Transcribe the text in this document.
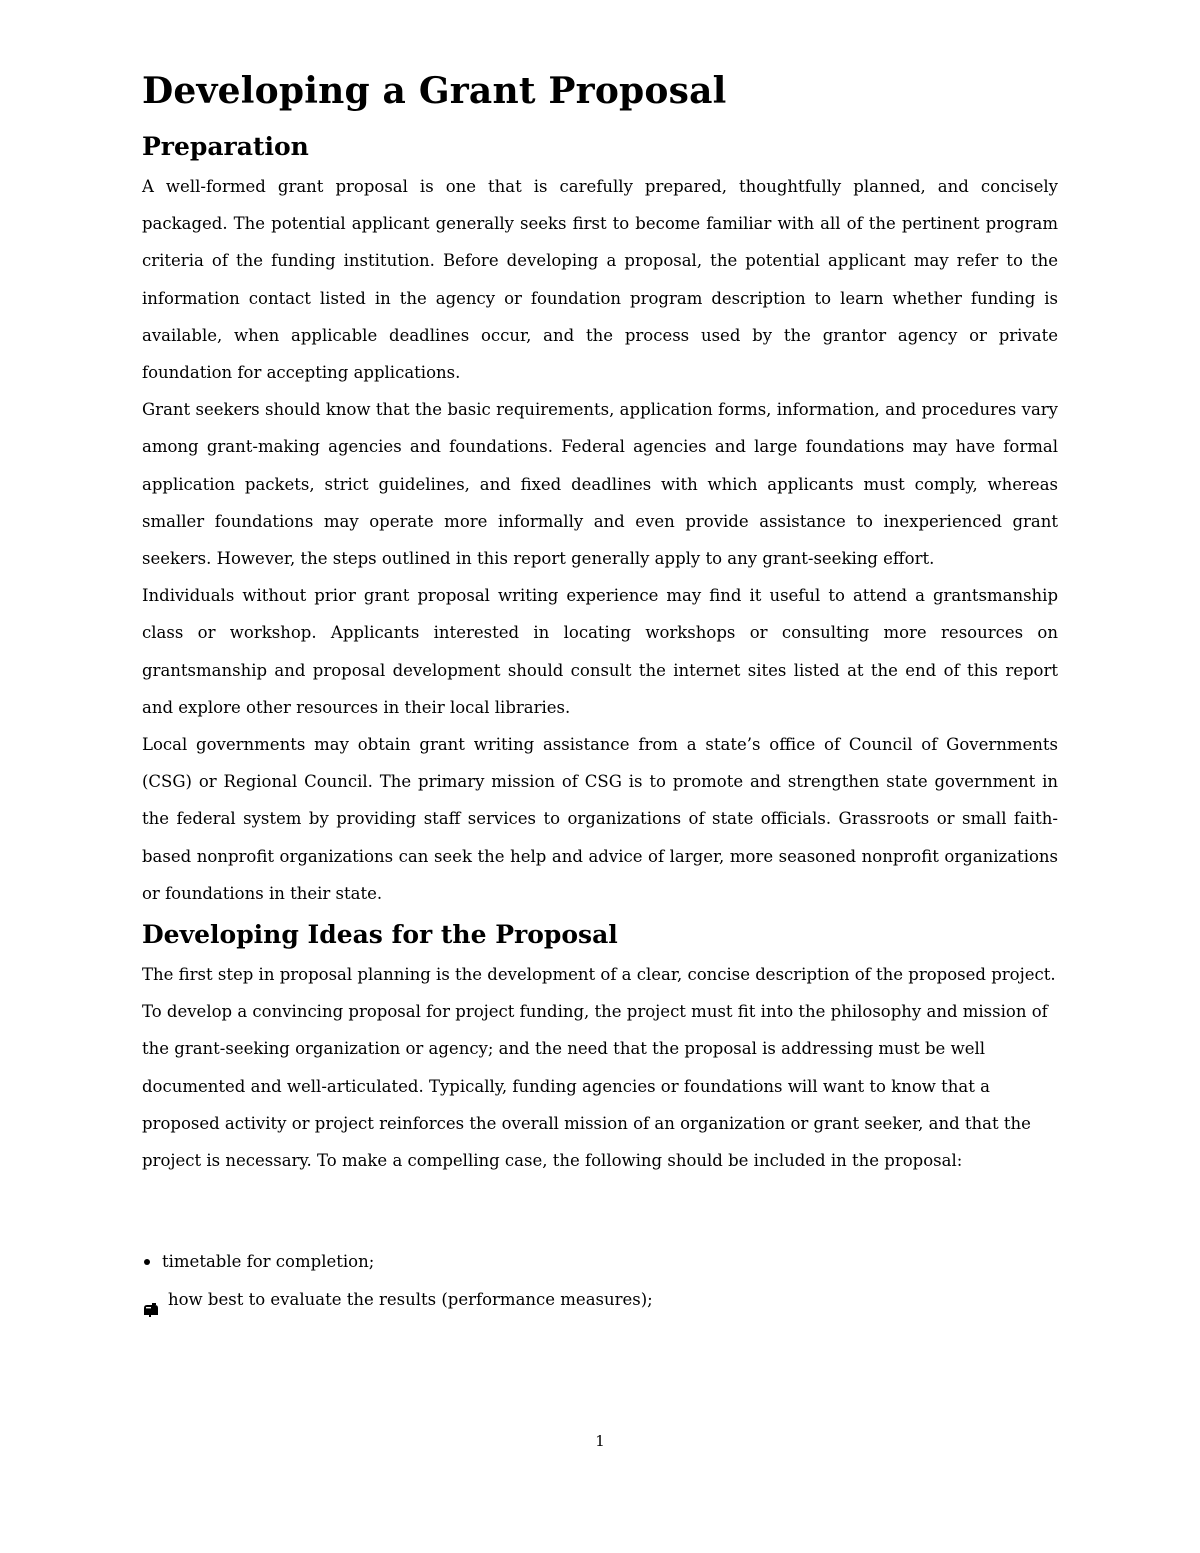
Developing a Grant Proposal
Preparation

A well-formed grant proposal is one that is carefully prepared, thoughtfully planned, and concisely packaged. The potential applicant generally seeks first to become familiar with all of the pertinent program criteria of the funding institution. Before developing a proposal, the potential applicant may refer to the information contact listed in the agency or foundation program description to learn whether funding is available, when applicable deadlines occur, and the process used by the grantor agency or private foundation for accepting applications.

Grant seekers should know that the basic requirements, application forms, information, and procedures vary among grant-making agencies and foundations. Federal agencies and large foundations may have formal application packets, strict guidelines, and fixed deadlines with which applicants must comply, whereas smaller foundations may operate more informally and even provide assistance to inexperienced grant seekers. However, the steps outlined in this report generally apply to any grant-seeking effort.

Individuals without prior grant proposal writing experience may find it useful to attend a grantsmanship class or workshop. Applicants interested in locating workshops or consulting more resources on grantsmanship and proposal development should consult the internet sites listed at the end of this report and explore other resources in their local libraries.

Local governments may obtain grant writing assistance from a state’s office of Council of Governments (CSG) or Regional Council. The primary mission of CSG is to promote and strengthen state government in the federal system by providing staff services to organizations of state officials. Grassroots or small faith-based nonprofit organizations can seek the help and advice of larger, more seasoned nonprofit organizations or foundations in their state.

Developing Ideas for the Proposal

The first step in proposal planning is the development of a clear, concise description of the proposed project. To develop a convincing proposal for project funding, the project must fit into the philosophy and mission of the grant-seeking organization or agency; and the need that the proposal is addressing must be well documented and well-articulated. Typically, funding agencies or foundations will want to know that a proposed activity or project reinforces the overall mission of an organization or grant seeker, and that the project is necessary. To make a compelling case, the following should be included in the proposal:

timetable for completion;
how best to evaluate the results (performance measures);
1
